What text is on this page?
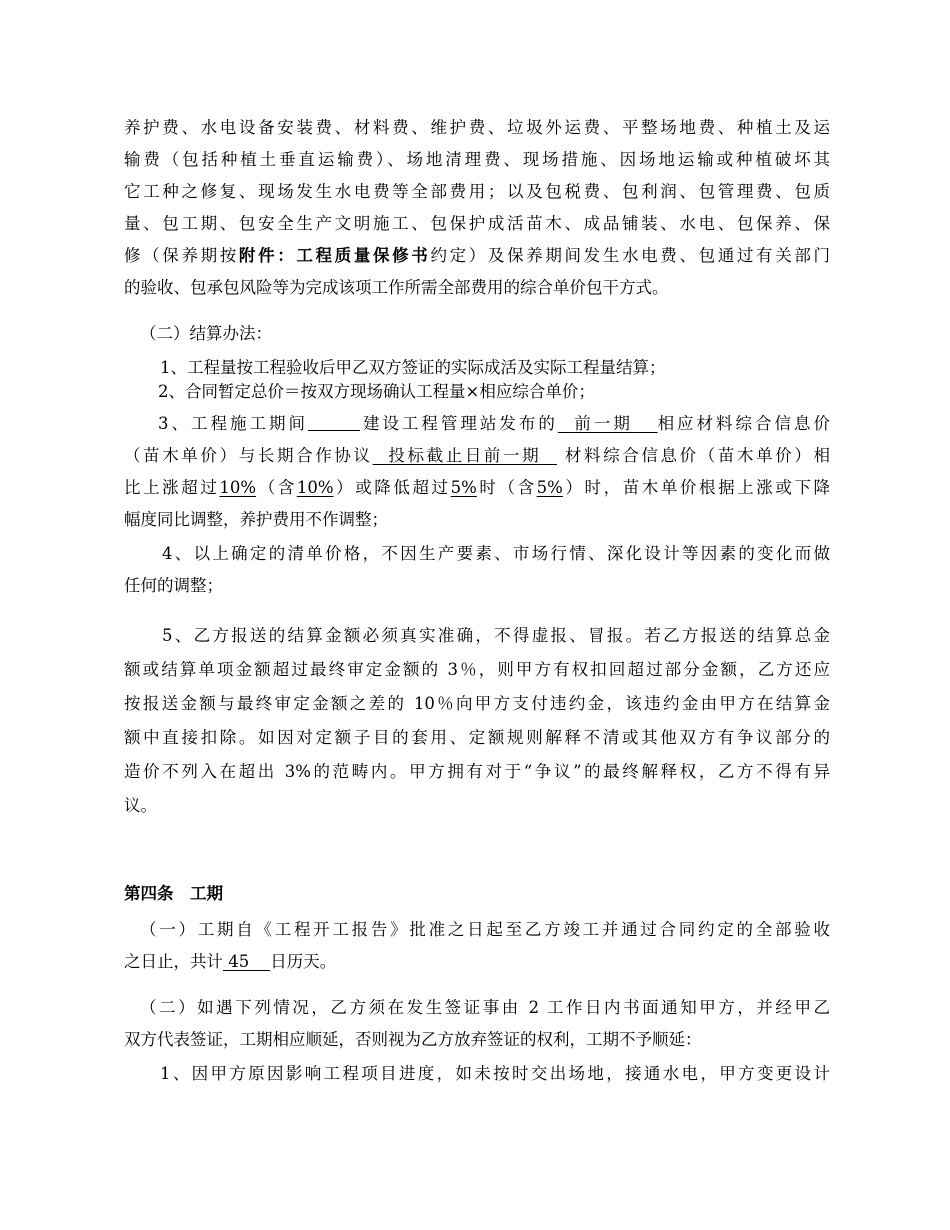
养护费、水电设备安装费、材料费、维护费、垃圾外运费、平整场地费、种植土及运
输费（包括种植土垂直运输费）、场地清理费、现场措施、因场地运输或种植破坏其
它工种之修复、现场发生水电费等全部费用；以及包税费、包利润、包管理费、包质
量、包工期、包安全生产文明施工、包保护成活苗木、成品铺装、水电、包保养、保
修（保养期按附件：工程质量保修书约定）及保养期间发生水电费、包通过有关部门
的验收、包承包风险等为完成该项工作所需全部费用的综合单价包干方式。
（二）结算办法：
1、工程量按工程验收后甲乙双方签证的实际成活及实际工程量结算；
2、合同暂定总价＝按双方现场确认工程量×相应综合单价；
3、工程施工期间	建设工程管理站发布的 前一期 相应材料综合信息价
（苗木单价）与长期合作协议 投标截止日前一期 材料综合信息价（苗木单价）相
比上涨超过10%（含10%）或降低超过5%时（含5%）时，苗木单价根据上涨或下降
幅度同比调整，养护费用不作调整；
4、以上确定的清单价格，不因生产要素、市场行情、深化设计等因素的变化而做
任何的调整；
5、乙方报送的结算金额必须真实准确，不得虚报、冒报。若乙方报送的结算总金
额或结算单项金额超过最终审定金额的 3％，则甲方有权扣回超过部分金额，乙方还应
按报送金额与最终审定金额之差的 10％向甲方支付违约金，该违约金由甲方在结算金
额中直接扣除。如因对定额子目的套用、定额规则解释不清或其他双方有争议部分的
造价不列入在超出 3%的范畴内。甲方拥有对于“争议”的最终解释权，乙方不得有异
议。
第四条　工期
（一）工期自《工程开工报告》批准之日起至乙方竣工并通过合同约定的全部验收
之日止，共计 45 日历天。
（二）如遇下列情况，乙方须在发生签证事由 2 工作日内书面通知甲方，并经甲乙
双方代表签证，工期相应顺延，否则视为乙方放弃签证的权利，工期不予顺延：
1、因甲方原因影响工程项目进度，如未按时交出场地，接通水电，甲方变更设计
